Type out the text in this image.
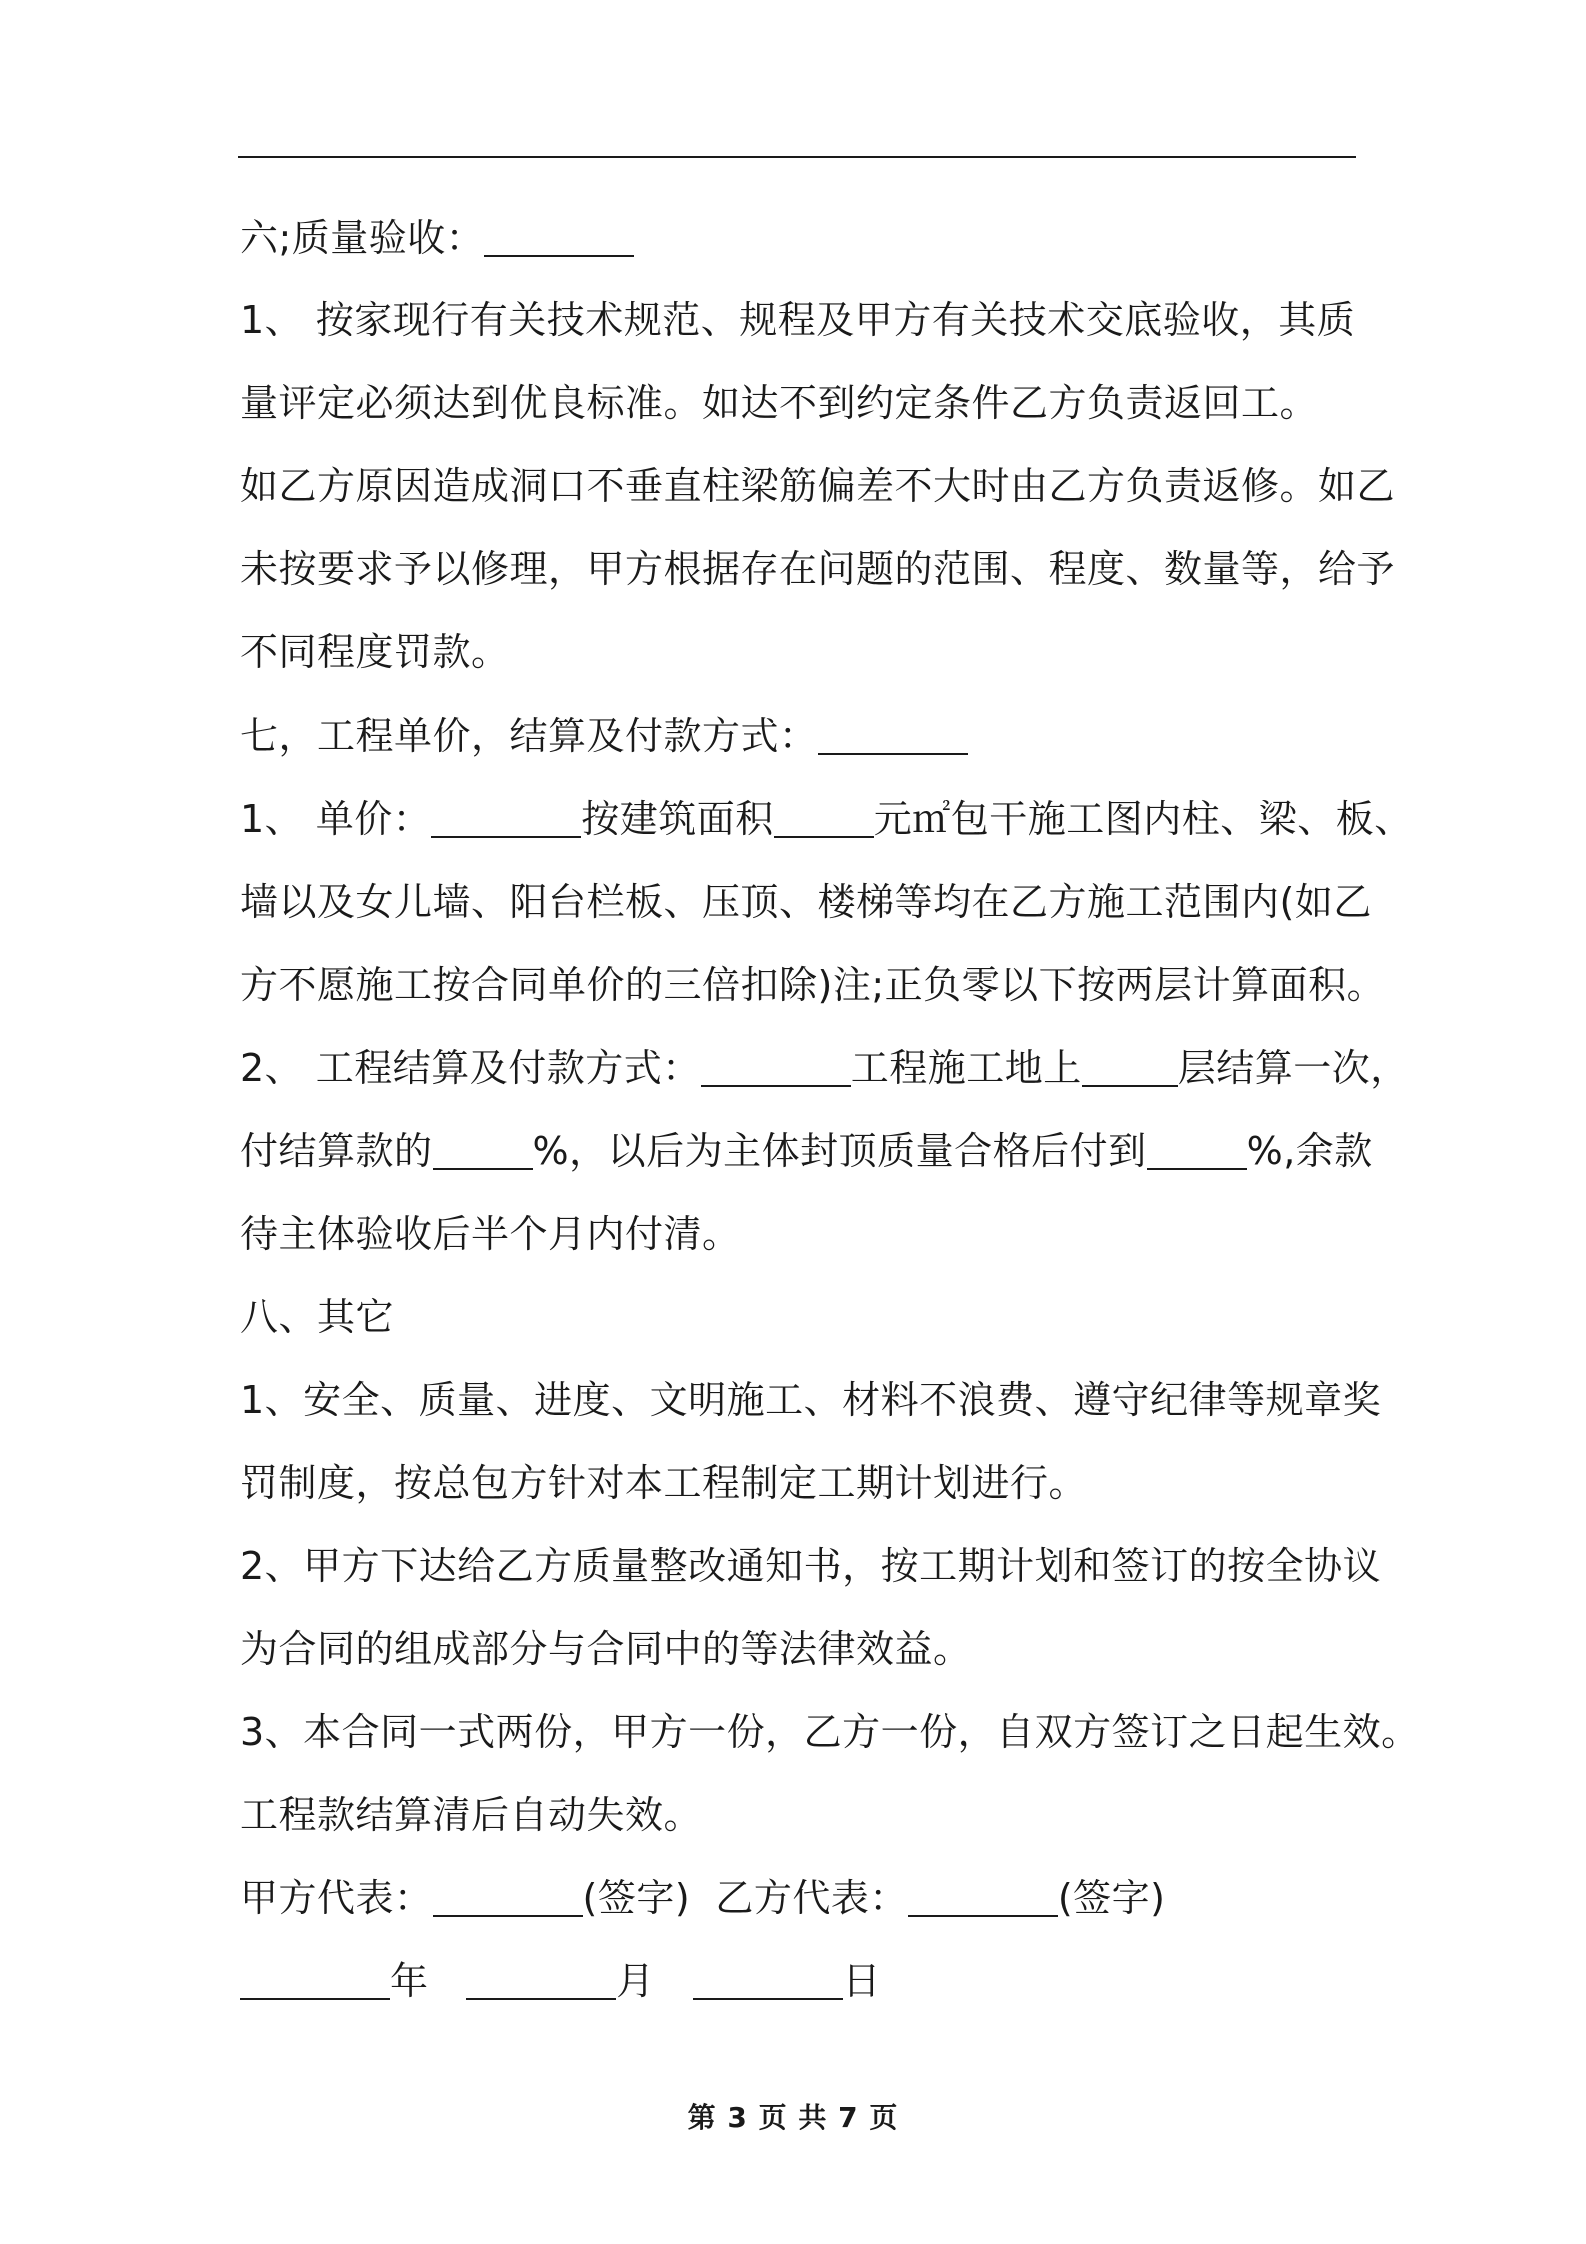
六;质量验收：
1、 按家现行有关技术规范、规程及甲方有关技术交底验收，其质
量评定必须达到优良标准。如达不到约定条件乙方负责返回工。
如乙方原因造成洞口不垂直柱梁筋偏差不大时由乙方负责返修。如乙
未按要求予以修理，甲方根据存在问题的范围、程度、数量等，给予
不同程度罚款。
七，工程单价，结算及付款方式：
1、 单价：	按建筑面积	元㎡包干施工图内柱、梁、板、
墙以及女儿墙、阳台栏板、压顶、楼梯等均在乙方施工范围内(如乙
方不愿施工按合同单价的三倍扣除)注;正负零以下按两层计算面积。
2、 工程结算及付款方式：	工程施工地上	层结算一次，
付结算款的	%，以后为主体封顶质量合格后付到	%,余款
待主体验收后半个月内付清。
八、其它
1、安全、质量、进度、文明施工、材料不浪费、遵守纪律等规章奖
罚制度，按总包方针对本工程制定工期计划进行。
2、甲方下达给乙方质量整改通知书，按工期计划和签订的按全协议
为合同的组成部分与合同中的等法律效益。
3、本合同一式两份，甲方一份，乙方一份，自双方签订之日起生效。
工程款结算清后自动失效。
甲方代表：	(签字) 乙方代表：	(签字)
年	月	日
第 3 页 共 7 页
